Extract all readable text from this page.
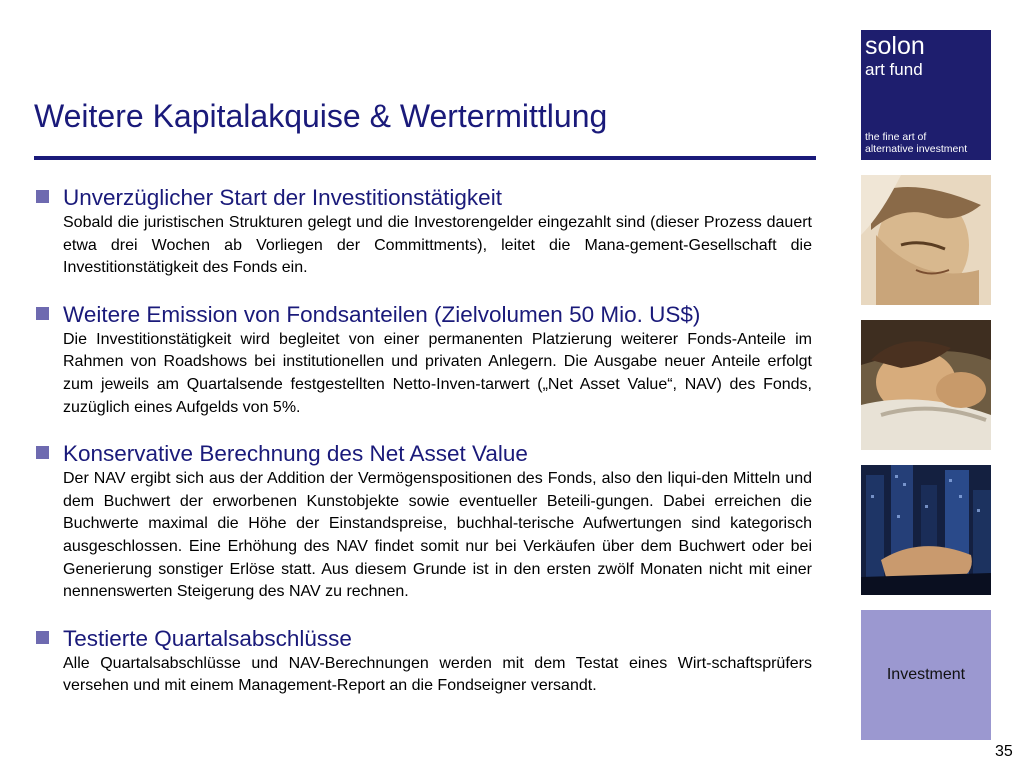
Weitere Kapitalakquise & Wertermittlung
Unverzüglicher Start der Investitionstätigkeit
Sobald die juristischen Strukturen gelegt und die Investorengelder eingezahlt sind (dieser Prozess dauert etwa drei Wochen ab Vorliegen der Committments), leitet die Mana-gement-Gesellschaft die Investitionstätigkeit des Fonds ein.
Weitere Emission von Fondsanteilen (Zielvolumen 50 Mio. US$)
Die Investitionstätigkeit wird begleitet von einer permanenten Platzierung weiterer Fonds-Anteile im Rahmen von Roadshows bei institutionellen und privaten Anlegern. Die Ausgabe neuer Anteile erfolgt zum jeweils am Quartalsende festgestellten Netto-Inven-tarwert („Net Asset Value“, NAV) des Fonds, zuzüglich eines Aufgelds von 5%.
Konservative Berechnung des Net Asset Value
Der NAV ergibt sich aus der Addition der Vermögenspositionen des Fonds, also den liqui-den Mitteln und dem Buchwert der erworbenen Kunstobjekte sowie eventueller Beteili-gungen. Dabei erreichen die Buchwerte maximal die Höhe der Einstandspreise, buchhal-terische Aufwertungen sind kategorisch ausgeschlossen. Eine Erhöhung des NAV findet somit nur bei Verkäufen über dem Buchwert oder bei Generierung sonstiger Erlöse statt. Aus diesem Grunde ist in den ersten zwölf Monaten nicht mit einer nennenswerten Steigerung des NAV zu rechnen.
Testierte Quartalsabschlüsse
Alle Quartalsabschlüsse und NAV-Berechnungen werden mit dem Testat eines Wirt-schaftsprüfers versehen und mit einem Management-Report an die Fondseigner versandt.
solon
art fund
the fine art of
alternative investment
Investment
35
